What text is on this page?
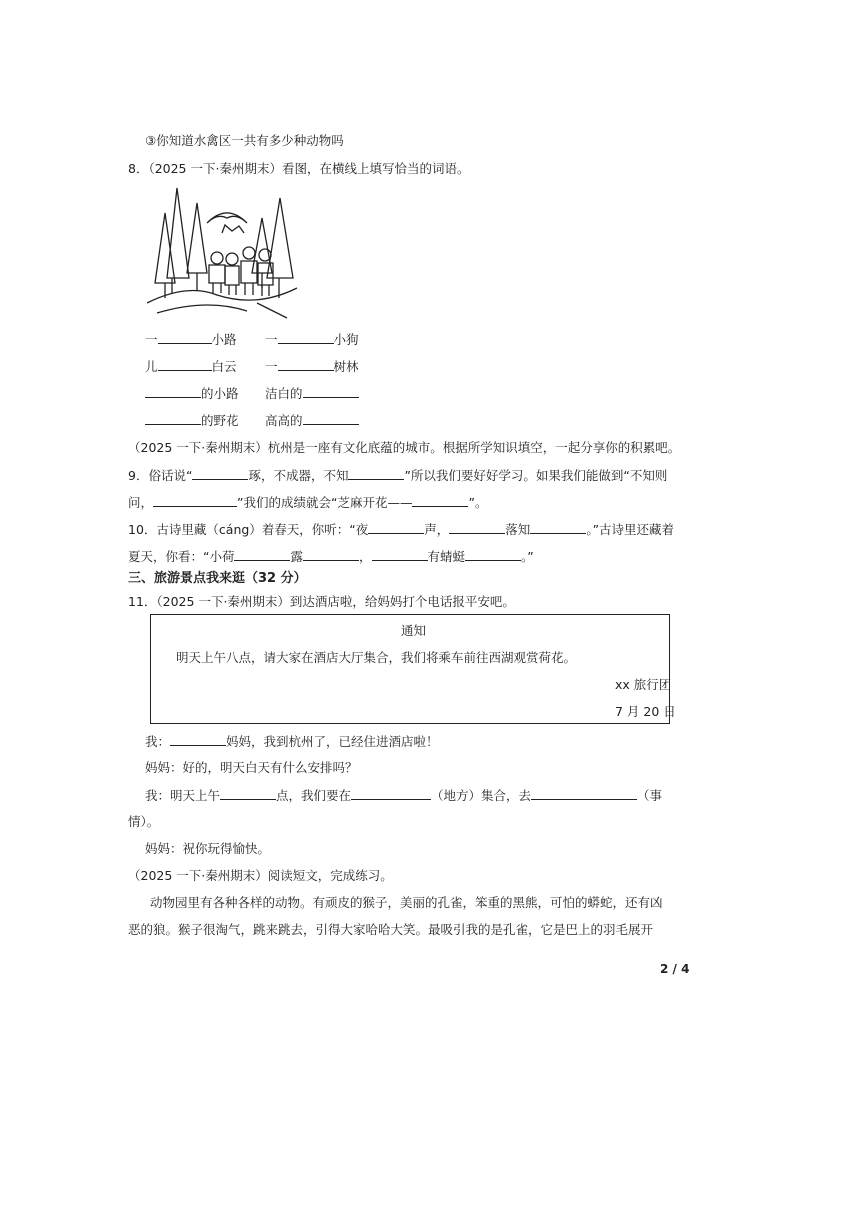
③你知道水禽区一共有多少种动物吗
8．（2025 一下·秦州期末）看图，在横线上填写恰当的词语。
一	小路 一	小狗
儿	白云 一	树林
的小路 洁白的
的野花 高高的
（2025 一下·秦州期末）杭州是一座有文化底蕴的城市。根据所学知识填空，一起分享你的积累吧。
9．俗话说“	琢，不成器，不知	”所以我们要好好学习。如果我们能做到“不知则
问，	”我们的成绩就会“芝麻开花——	”。
10．古诗里藏（cáng）着春天，你听：“夜	声，	落知	。”古诗里还藏着
夏天，你看：“小荷	露	，	有蜻蜓	。”
三、旅游景点我来逛（32 分）
11．（2025 一下·秦州期末）到达酒店啦，给妈妈打个电话报平安吧。
通知
明天上午八点，请大家在酒店大厅集合，我们将乘车前往西湖观赏荷花。
xx 旅行团
7 月 20 日
我：	妈妈，我到杭州了，已经住进酒店啦！
妈妈：好的，明天白天有什么安排吗？
我：明天上午	点，我们要在	（地方）集合，去	（事
情）。
妈妈：祝你玩得愉快。
（2025 一下·秦州期末）阅读短文，完成练习。
动物园里有各种各样的动物。有顽皮的猴子，美丽的孔雀，笨重的黑熊，可怕的蟒蛇，还有凶
恶的狼。猴子很淘气，跳来跳去，引得大家哈哈大笑。最吸引我的是孔雀，它是巴上的羽毛展开
2 / 4
